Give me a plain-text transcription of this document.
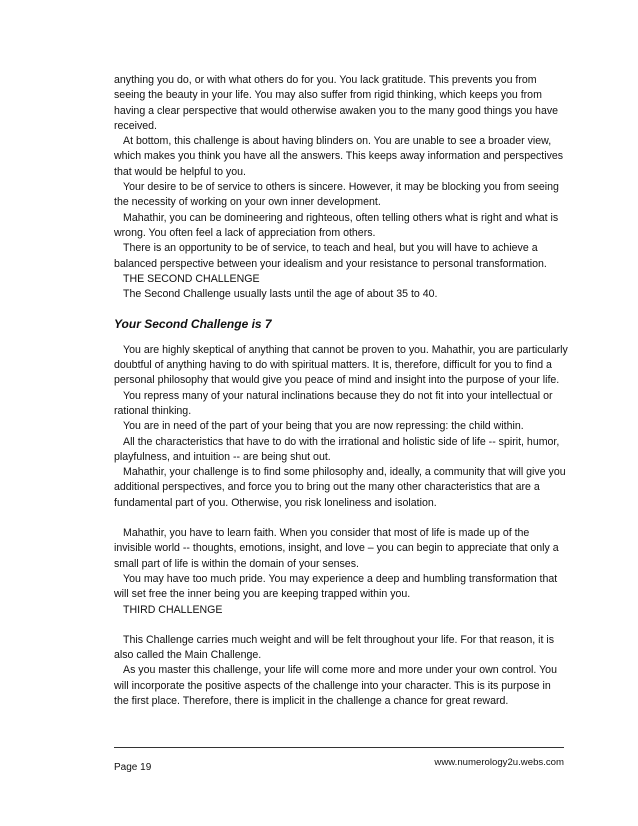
anything you do, or with what others do for you. You lack gratitude. This prevents you from seeing the beauty in your life. You may also suffer from rigid thinking, which keeps you from having a clear perspective that would otherwise awaken you to the many good things you have received.

At bottom, this challenge is about having blinders on. You are unable to see a broader view, which makes you think you have all the answers. This keeps away information and perspectives that would be helpful to you.

Your desire to be of service to others is sincere. However, it may be blocking you from seeing the necessity of working on your own inner development.

Mahathir, you can be domineering and righteous, often telling others what is right and what is wrong. You often feel a lack of appreciation from others.

There is an opportunity to be of service, to teach and heal, but you will have to achieve a balanced perspective between your idealism and your resistance to personal transformation.

THE SECOND CHALLENGE

The Second Challenge usually lasts until the age of about 35 to 40.

Your Second Challenge is 7

You are highly skeptical of anything that cannot be proven to you. Mahathir, you are particularly doubtful of anything having to do with spiritual matters. It is, therefore, difficult for you to find a personal philosophy that would give you peace of mind and insight into the purpose of your life.

You repress many of your natural inclinations because they do not fit into your intellectual or rational thinking.

You are in need of the part of your being that you are now repressing: the child within.

All the characteristics that have to do with the irrational and holistic side of life -- spirit, humor, playfulness, and intuition -- are being shut out.

Mahathir, your challenge is to find some philosophy and, ideally, a community that will give you additional perspectives, and force you to bring out the many other characteristics that are a fundamental part of you. Otherwise, you risk loneliness and isolation.

Mahathir, you have to learn faith. When you consider that most of life is made up of the invisible world -- thoughts, emotions, insight, and love – you can begin to appreciate that only a small part of life is within the domain of your senses.

You may have too much pride. You may experience a deep and humbling transformation that will set free the inner being you are keeping trapped within you.

THIRD CHALLENGE

This Challenge carries much weight and will be felt throughout your life. For that reason, it is also called the Main Challenge.

As you master this challenge, your life will come more and more under your own control. You will incorporate the positive aspects of the challenge into your character. This is its purpose in the first place. Therefore, there is implicit in the challenge a chance for great reward.

Page 19	www.numerology2u.webs.com
